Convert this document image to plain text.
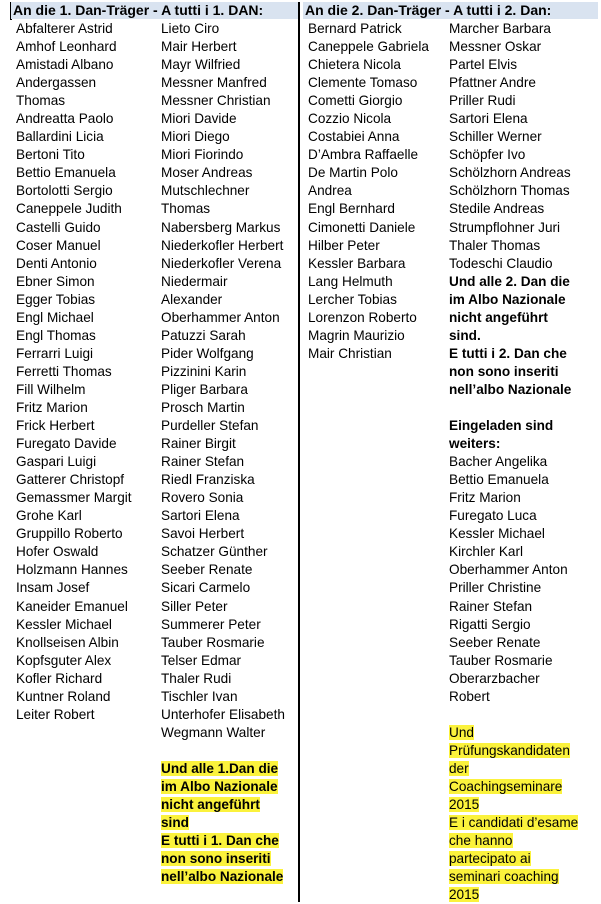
An die 1. Dan-Träger - A tutti i 1. DAN:	An die 2. Dan-Träger - A tutti i 2. Dan:
Abfalterer Astrid
Amhof Leonhard
Amistadi Albano
Andergassen
Thomas
Andreatta Paolo
Ballardini Licia
Bertoni Tito
Bettio Emanuela
Bortolotti Sergio
Caneppele Judith
Castelli Guido
Coser Manuel
Denti Antonio
Ebner Simon
Egger Tobias
Engl Michael
Engl Thomas
Ferrarri Luigi
Ferretti Thomas
Fill Wilhelm
Fritz Marion
Frick Herbert
Furegato Davide
Gaspari Luigi
Gatterer Christopf
Gemassmer Margit
Grohe Karl
Gruppillo Roberto
Hofer Oswald
Holzmann Hannes
Insam Josef
Kaneider Emanuel
Kessler Michael
Knollseisen Albin
Kopfsguter Alex
Kofler Richard
Kuntner Roland
Leiter Robert
Lieto Ciro
Mair Herbert
Mayr Wilfried
Messner Manfred
Messner Christian
Miori Davide
Miori Diego
Miori Fiorindo
Moser Andreas
Mutschlechner
Thomas
Nabersberg Markus
Niederkofler Herbert
Niederkofler Verena
Niedermair
Alexander
Oberhammer Anton
Patuzzi Sarah
Pider Wolfgang
Pizzinini Karin
Pliger Barbara
Prosch Martin
Purdeller Stefan
Rainer Birgit
Rainer Stefan
Riedl Franziska
Rovero Sonia
Sartori Elena
Savoi Herbert
Schatzer Günther
Seeber Renate
Sicari Carmelo
Siller Peter
Summerer Peter
Tauber Rosmarie
Telser Edmar
Thaler Rudi
Tischler Ivan
Unterhofer Elisabeth
Wegmann Walter
Und alle 1.Dan die
im Albo Nazionale
nicht angeführt
sind
E tutti i 1. Dan che
non sono inseriti
nell’albo Nazionale
Bernard Patrick
Caneppele Gabriela
Chietera Nicola
Clemente Tomaso
Cometti Giorgio
Cozzio Nicola
Costabiei Anna
D’Ambra Raffaelle
De Martin Polo
Andrea
Engl Bernhard
Cimonetti Daniele
Hilber Peter
Kessler Barbara
Lang Helmuth
Lercher Tobias
Lorenzon Roberto
Magrin Maurizio
Mair Christian
Marcher Barbara
Messner Oskar
Partel Elvis
Pfattner Andre
Priller Rudi
Sartori Elena
Schiller Werner
Schöpfer Ivo
Schölzhorn Andreas
Schölzhorn Thomas
Stedile Andreas
Strumpflohner Juri
Thaler Thomas
Todeschi Claudio
Und alle 2. Dan die
im Albo Nazionale
nicht angeführt
sind.
E tutti i 2. Dan che
non sono inseriti
nell’albo Nazionale
Eingeladen sind
weiters:
Bacher Angelika
Bettio Emanuela
Fritz Marion
Furegato Luca
Kessler Michael
Kirchler Karl
Oberhammer Anton
Priller Christine
Rainer Stefan
Rigatti Sergio
Seeber Renate
Tauber Rosmarie
Oberarzbacher
Robert
Und
Prüfungskandidaten
der
Coachingseminare
2015
E i candidati d’esame
che hanno
partecipato ai
seminari coaching
2015
